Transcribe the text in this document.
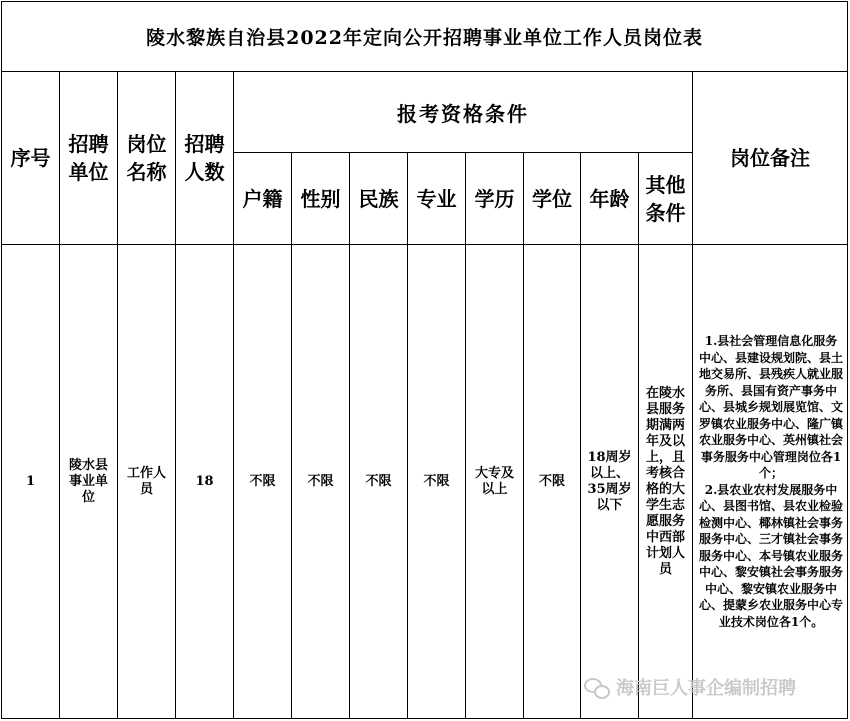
陵水黎族自治县2022年定向公开招聘事业单位工作人员岗位表												
序号	招聘单位	岗位名称	招聘人数	报考资格条件								岗位备注
				户籍	性别	民族	专业	学历	学位	年龄	其他条件	
1	陵水县事业单位	工作人员	18	不限	不限	不限	不限	大专及以上	不限	18周岁以上、35周岁以下	在陵水县服务期满两年及以上，且考核合格的大学生志愿服务中西部计划人员	1.县社会管理信息化服务中心、县建设规划院、县土地交易所、县残疾人就业服务所、县国有资产事务中心、县城乡规划展览馆、文罗镇农业服务中心、隆广镇农业服务中心、英州镇社会事务服务中心管理岗位各1个；

2.县农业农村发展服务中心、县图书馆、县农业检验检测中心、椰林镇社会事务服务中心、三才镇社会事务服务中心、本号镇农业服务中心、黎安镇社会事务服务中心、黎安镇农业服务中心、提蒙乡农业服务中心专业技术岗位各1个。

海南巨人事企编制招聘
